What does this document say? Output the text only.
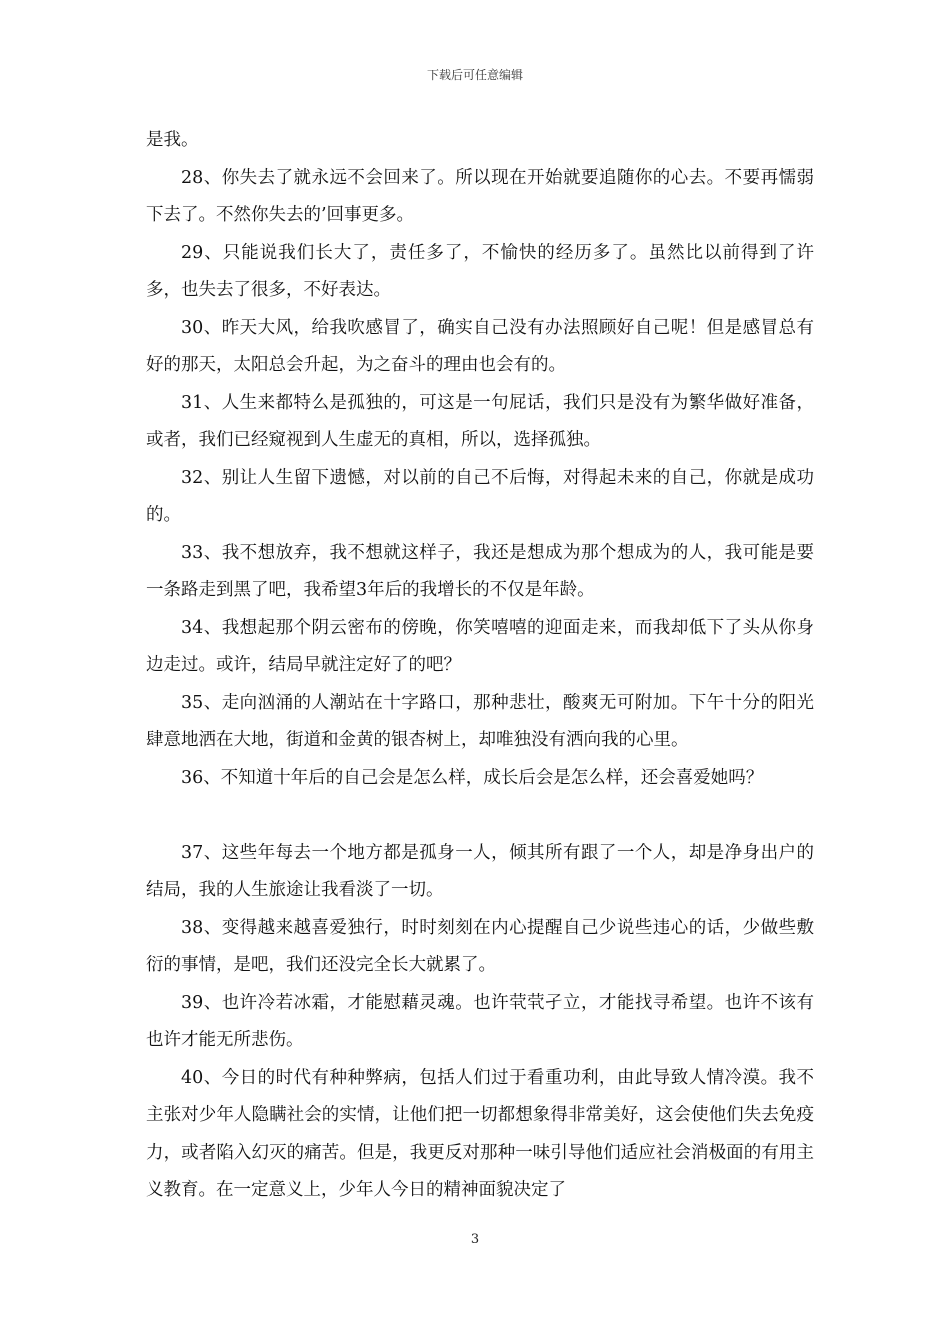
下载后可任意编辑

是我。

28、你失去了就永远不会回来了。所以现在开始就要追随你的心去。不要再懦弱下去了。不然你失去的’回事更多。

29、只能说我们长大了，责任多了，不愉快的经历多了。虽然比以前得到了许多，也失去了很多，不好表达。

30、昨天大风，给我吹感冒了，确实自己没有办法照顾好自己呢！但是感冒总有好的那天，太阳总会升起，为之奋斗的理由也会有的。

31、人生来都特么是孤独的，可这是一句屁话，我们只是没有为繁华做好准备，或者，我们已经窥视到人生虚无的真相，所以，选择孤独。

32、别让人生留下遗憾，对以前的自己不后悔，对得起未来的自己，你就是成功的。

33、我不想放弃，我不想就这样子，我还是想成为那个想成为的人，我可能是要一条路走到黑了吧，我希望3年后的我增长的不仅是年龄。

34、我想起那个阴云密布的傍晚，你笑嘻嘻的迎面走来，而我却低下了头从你身边走过。或许，结局早就注定好了的吧？

35、走向汹涌的人潮站在十字路口，那种悲壮，酸爽无可附加。下午十分的阳光肆意地洒在大地，街道和金黄的银杏树上，却唯独没有洒向我的心里。

36、不知道十年后的自己会是怎么样，成长后会是怎么样，还会喜爱她吗？

37、这些年每去一个地方都是孤身一人，倾其所有跟了一个人，却是净身出户的结局，我的人生旅途让我看淡了一切。

38、变得越来越喜爱独行，时时刻刻在内心提醒自己少说些违心的话，少做些敷衍的事情，是吧，我们还没完全长大就累了。

39、也许冷若冰霜，才能慰藉灵魂。也许茕茕孑立，才能找寻希望。也许不该有也许才能无所悲伤。

40、今日的时代有种种弊病，包括人们过于看重功利，由此导致人情冷漠。我不主张对少年人隐瞒社会的实情，让他们把一切都想象得非常美好，这会使他们失去免疫力，或者陷入幻灭的痛苦。但是，我更反对那种一味引导他们适应社会消极面的有用主义教育。在一定意义上，少年人今日的精神面貌决定了

3
